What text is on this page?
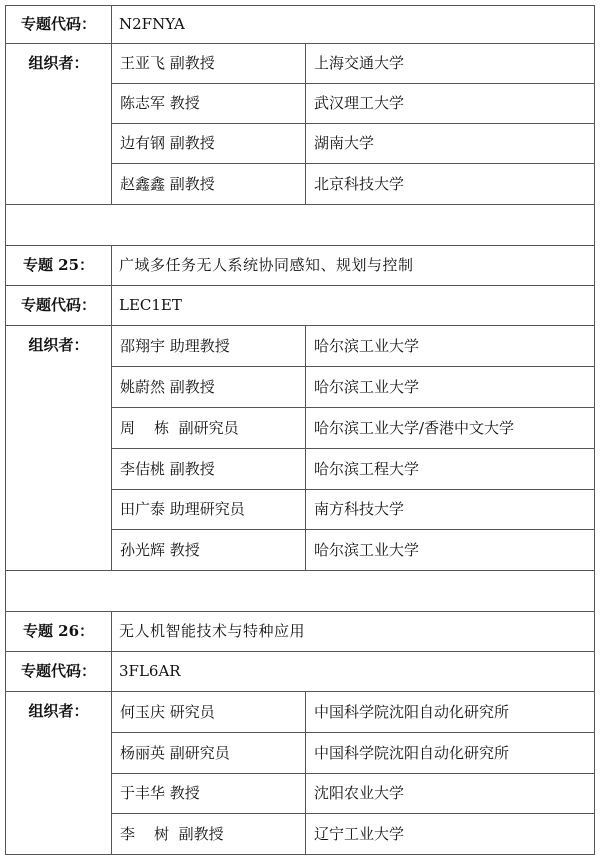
专题代码：	N2FNYA	
组织者：	王亚飞 副教授	上海交通大学
	陈志军 教授	武汉理工大学
	边有钢 副教授	湖南大学
	赵鑫鑫 副教授	北京科技大学

专题 25：	广域多任务无人系统协同感知、规划与控制	
专题代码：	LEC1ET	
组织者：	邵翔宇 助理教授	哈尔滨工业大学
	姚蔚然 副教授	哈尔滨工业大学
	周    栋  副研究员	哈尔滨工业大学/香港中文大学
	李佶桃 副教授	哈尔滨工程大学
	田广泰 助理研究员	南方科技大学
	孙光辉 教授	哈尔滨工业大学

专题 26：	无人机智能技术与特种应用	
专题代码：	3FL6AR	
组织者：	何玉庆 研究员	中国科学院沈阳自动化研究所
	杨丽英 副研究员	中国科学院沈阳自动化研究所
	于丰华 教授	沈阳农业大学
	李    树  副教授	辽宁工业大学
